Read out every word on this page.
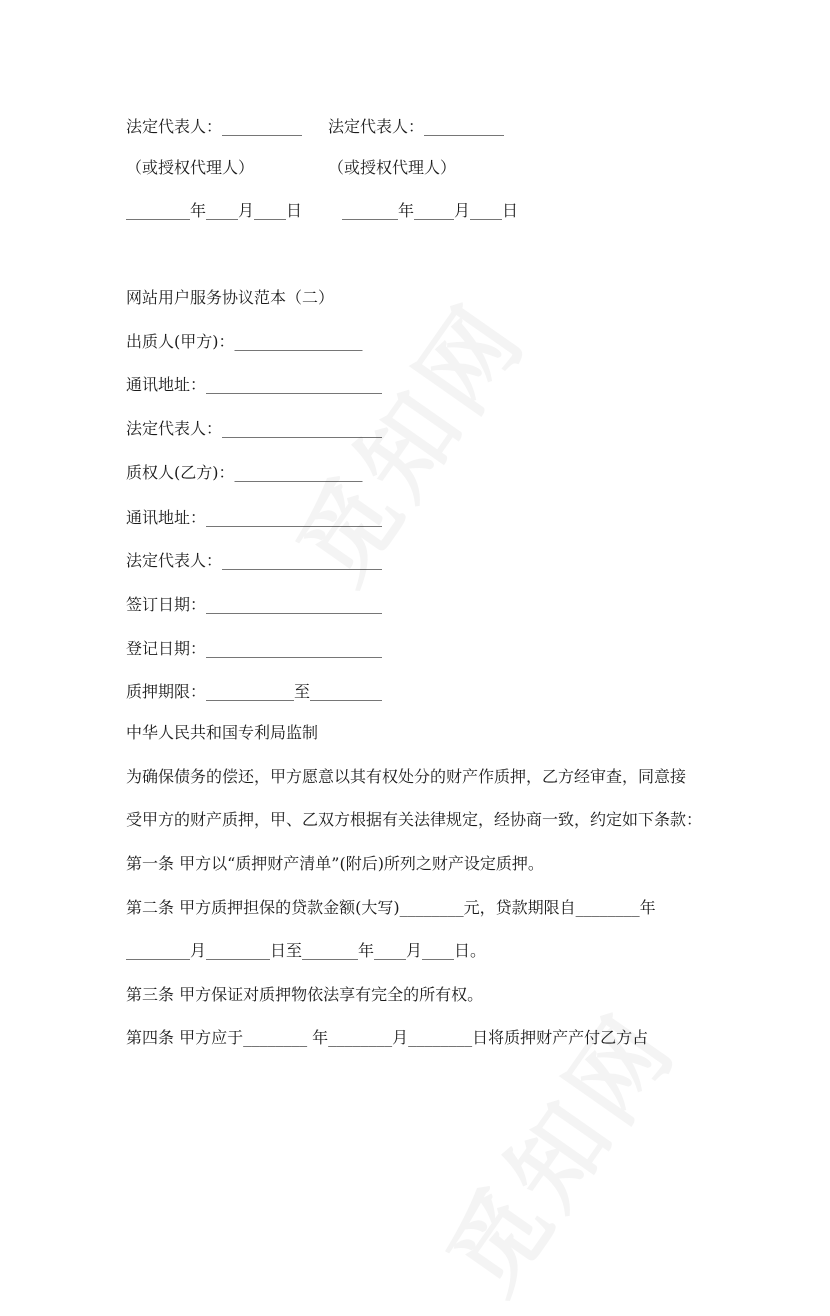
法定代表人：__________ 法定代表人：__________
（或授权代理人）	（或授权代理人）
________年____月____日 _______年_____月____日
网站用户服务协议范本（二）
出质人(甲方)：________________
通讯地址：______________________
法定代表人：____________________
质权人(乙方)：________________
通讯地址：______________________
法定代表人：____________________
签订日期：______________________
登记日期：______________________
质押期限：___________至_________
中华人民共和国专利局监制
为确保债务的偿还，甲方愿意以其有权处分的财产作质押，乙方经审查，同意接
受甲方的财产质押，甲、乙双方根据有关法律规定，经协商一致，约定如下条款：
第一条 甲方以“质押财产清单”(附后)所列之财产设定质押。
第二条 甲方质押担保的贷款金额(大写)________元，贷款期限自________年
________月________日至_______年____月____日。
第三条 甲方保证对质押物依法享有完全的所有权。
第四条 甲方应于________ 年________月________日将质押财产产付乙方占
